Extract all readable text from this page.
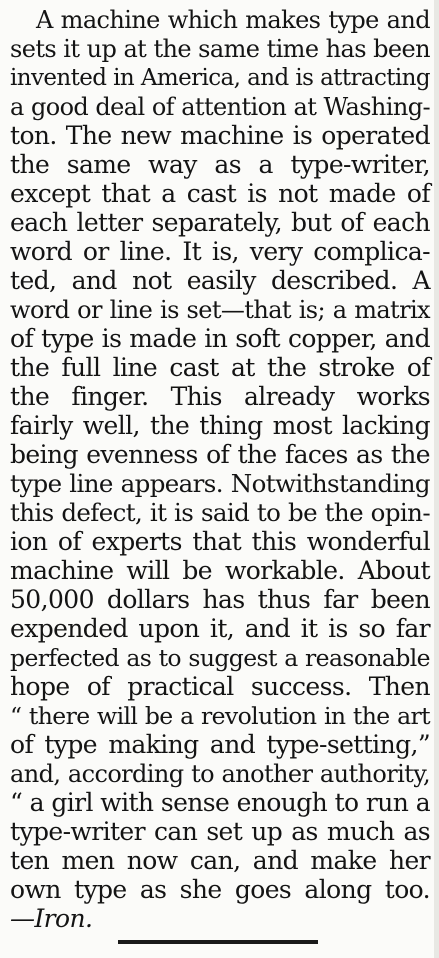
A machine which makes type and
sets it up at the same time has been
invented in America, and is attracting
a good deal of attention at Washing-
ton. The new machine is operated
the same way as a type-writer,
except that a cast is not made of
each letter separately, but of each
word or line. It is, very complica-
ted, and not easily described. A
word or line is set—that is; a matrix
of type is made in soft copper, and
the full line cast at the stroke of
the finger. This already works
fairly well, the thing most lacking
being evenness of the faces as the
type line appears. Notwithstanding
this defect, it is said to be the opin-
ion of experts that this wonderful
machine will be workable. About
50,000 dollars has thus far been
expended upon it, and it is so far
perfected as to suggest a reasonable
hope of practical success. Then
“ there will be a revolution in the art
of type making and type-setting,”
and, according to another authority,
“ a girl with sense enough to run a
type-writer can set up as much as
ten men now can, and make her
own type as she goes along too.
—Iron.
